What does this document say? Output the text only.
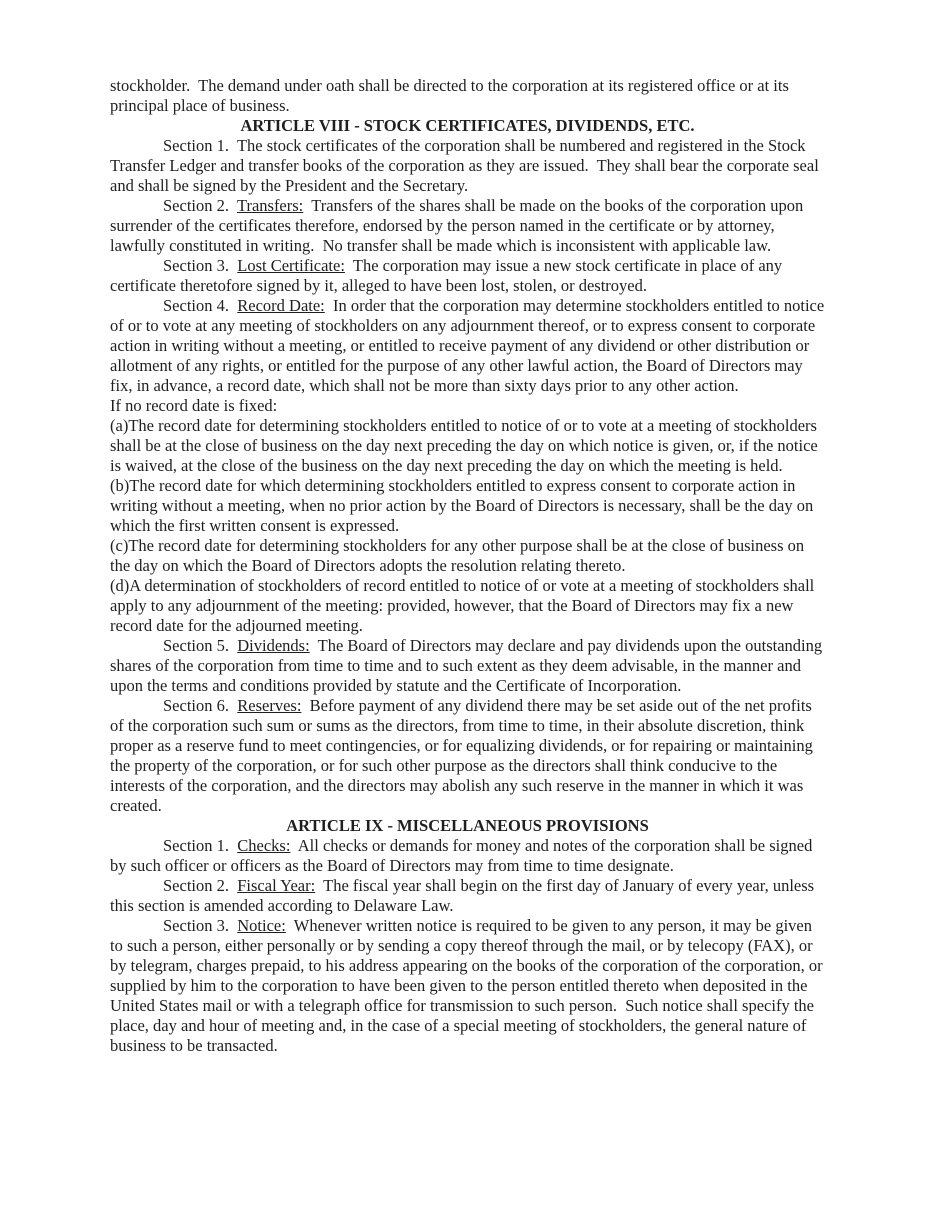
stockholder.  The demand under oath shall be directed to the corporation at its registered office or at its principal place of business.

ARTICLE VIII - STOCK CERTIFICATES, DIVIDENDS, ETC.

Section 1.  The stock certificates of the corporation shall be numbered and registered in the Stock Transfer Ledger and transfer books of the corporation as they are issued.  They shall bear the corporate seal and shall be signed by the President and the Secretary.

Section 2.  Transfers:  Transfers of the shares shall be made on the books of the corporation upon surrender of the certificates therefore, endorsed by the person named in the certificate or by attorney, lawfully constituted in writing.  No transfer shall be made which is inconsistent with applicable law.

Section 3.  Lost Certificate:  The corporation may issue a new stock certificate in place of any certificate theretofore signed by it, alleged to have been lost, stolen, or destroyed.

Section 4.  Record Date:  In order that the corporation may determine stockholders entitled to notice of or to vote at any meeting of stockholders on any adjournment thereof, or to express consent to corporate action in writing without a meeting, or entitled to receive payment of any dividend or other distribution or allotment of any rights, or entitled for the purpose of any other lawful action, the Board of Directors may fix, in advance, a record date, which shall not be more than sixty days prior to any other action.

If no record date is fixed:

(a)The record date for determining stockholders entitled to notice of or to vote at a meeting of stockholders shall be at the close of business on the day next preceding the day on which notice is given, or, if the notice is waived, at the close of the business on the day next preceding the day on which the meeting is held.

(b)The record date for which determining stockholders entitled to express consent to corporate action in writing without a meeting, when no prior action by the Board of Directors is necessary, shall be the day on which the first written consent is expressed.

(c)The record date for determining stockholders for any other purpose shall be at the close of business on the day on which the Board of Directors adopts the resolution relating thereto.

(d)A determination of stockholders of record entitled to notice of or vote at a meeting of stockholders shall apply to any adjournment of the meeting: provided, however, that the Board of Directors may fix a new record date for the adjourned meeting.

Section 5.  Dividends:  The Board of Directors may declare and pay dividends upon the outstanding shares of the corporation from time to time and to such extent as they deem advisable, in the manner and upon the terms and conditions provided by statute and the Certificate of Incorporation.

Section 6.  Reserves:  Before payment of any dividend there may be set aside out of the net profits of the corporation such sum or sums as the directors, from time to time, in their absolute discretion, think proper as a reserve fund to meet contingencies, or for equalizing dividends, or for repairing or maintaining the property of the corporation, or for such other purpose as the directors shall think conducive to the interests of the corporation, and the directors may abolish any such reserve in the manner in which it was created.

ARTICLE IX - MISCELLANEOUS PROVISIONS

Section 1.  Checks:  All checks or demands for money and notes of the corporation shall be signed by such officer or officers as the Board of Directors may from time to time designate.

Section 2.  Fiscal Year:  The fiscal year shall begin on the first day of January of every year, unless this section is amended according to Delaware Law.

Section 3.  Notice:  Whenever written notice is required to be given to any person, it may be given to such a person, either personally or by sending a copy thereof through the mail, or by telecopy (FAX), or by telegram, charges prepaid, to his address appearing on the books of the corporation of the corporation, or supplied by him to the corporation to have been given to the person entitled thereto when deposited in the United States mail or with a telegraph office for transmission to such person.  Such notice shall specify the place, day and hour of meeting and, in the case of a special meeting of stockholders, the general nature of business to be transacted.
